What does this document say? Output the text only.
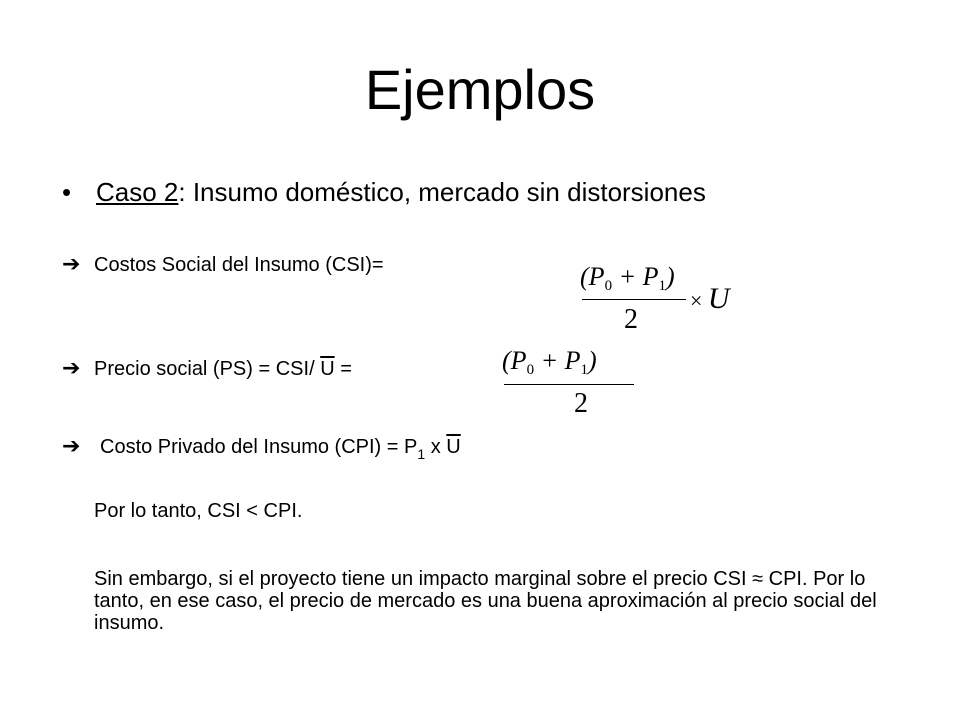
Ejemplos
• Caso 2: Insumo doméstico, mercado sin distorsiones
➔ Costos Social del Insumo (CSI)=	$(P_0 + P_1)$
2
× U
➔ Precio social (PS) = CSI/ $\overline{U}$ =	$(P_0 + P_1)$
2
➔ Costo Privado del Insumo $(CPI) = P_1$ x $\overline{U}$
Por lo tanto, CSI < CPI.
Sin embargo, si el proyecto tiene un impacto marginal sobre el precio CSI ≈ CPI. Por lo tanto, en ese caso, el precio de mercado es una buena aproximación al precio social del insumo.
